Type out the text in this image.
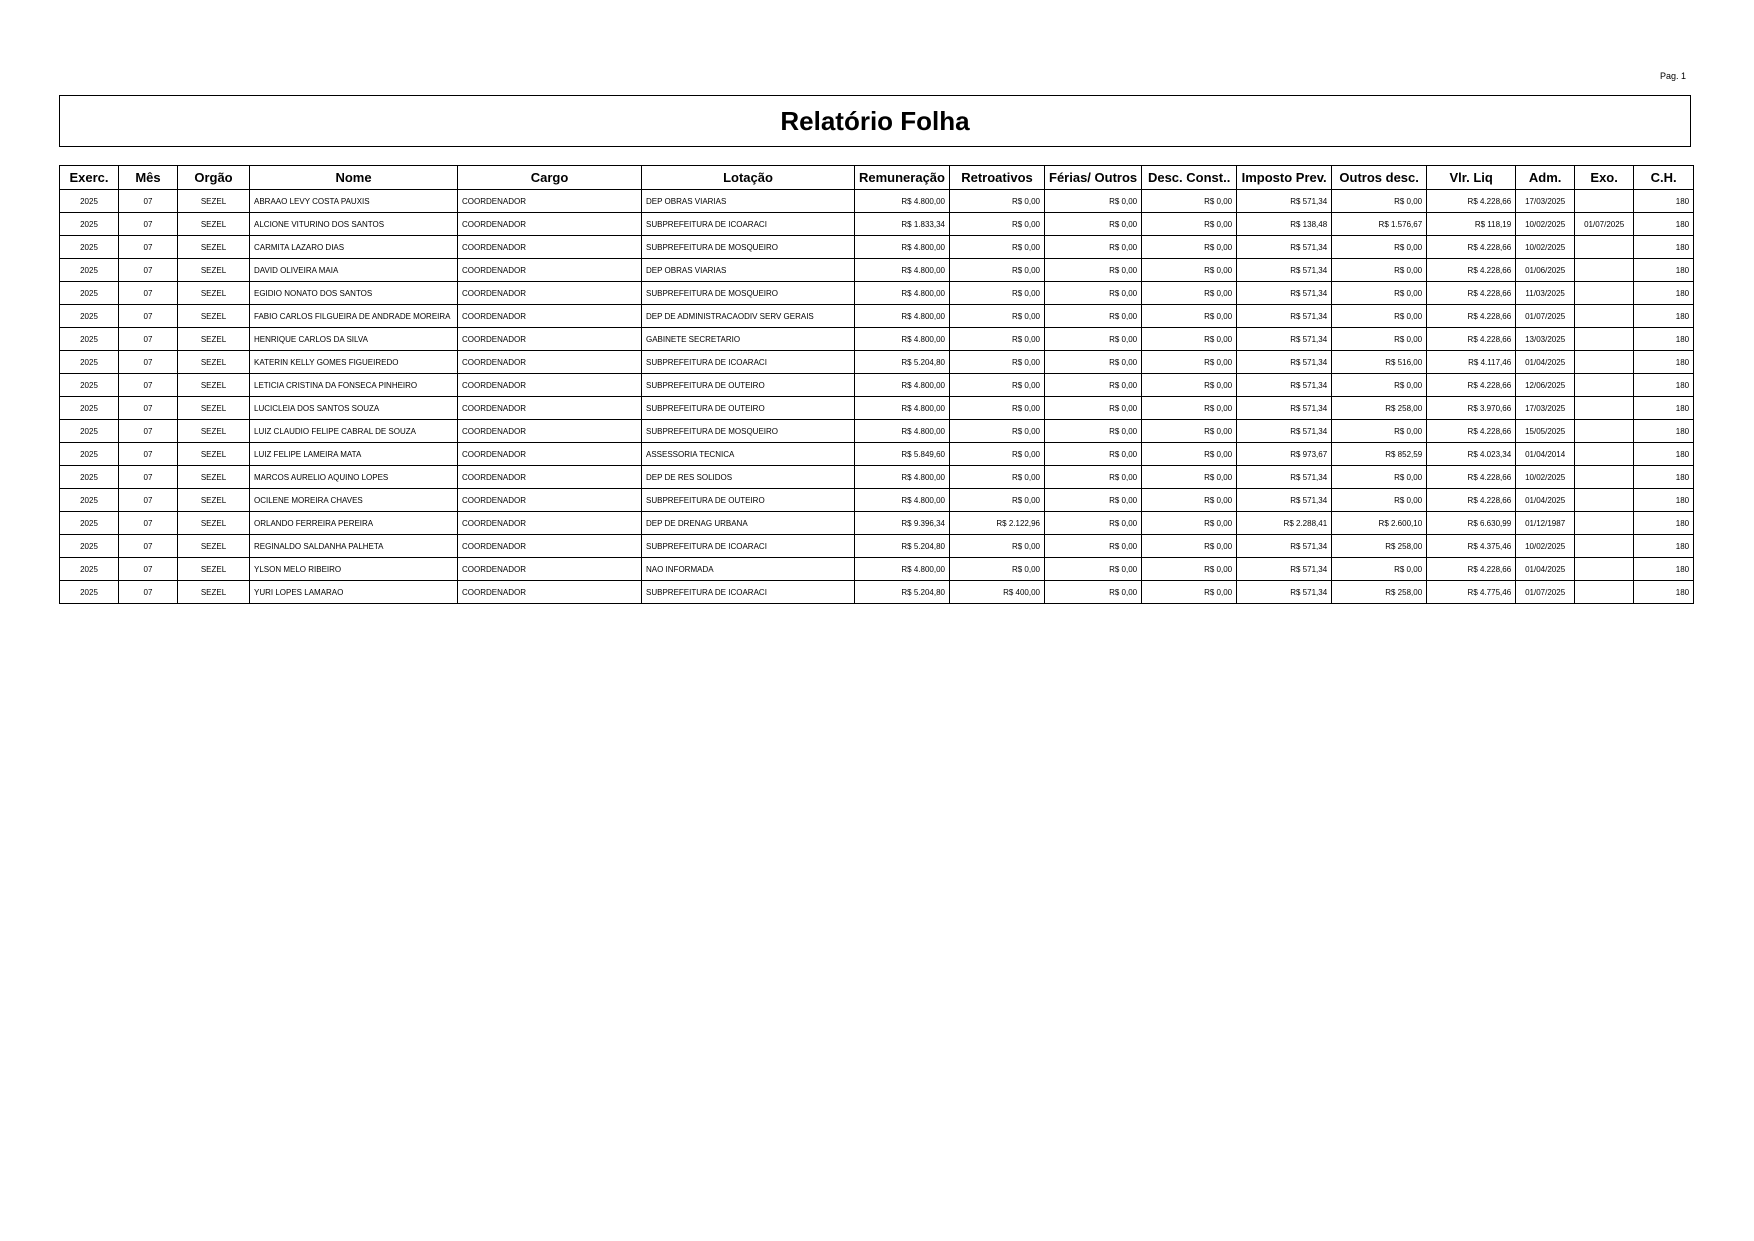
Pag. 1
Relatório Folha
Exerc.	Mês	Orgão	Nome	Cargo	Lotação	Remuneração	Retroativos	Férias/ Outros	Desc. Const..	Imposto Prev.	Outros desc.	Vlr. Liq	Adm.	Exo.	C.H.
2025	07	SEZEL	ABRAAO LEVY COSTA PAUXIS	COORDENADOR	DEP OBRAS VIARIAS	R$ 4.800,00	R$ 0,00	R$ 0,00	R$ 0,00	R$ 571,34	R$ 0,00	R$ 4.228,66	17/03/2025		180
2025	07	SEZEL	ALCIONE VITURINO DOS SANTOS	COORDENADOR	SUBPREFEITURA DE ICOARACI	R$ 1.833,34	R$ 0,00	R$ 0,00	R$ 0,00	R$ 138,48	R$ 1.576,67	R$ 118,19	10/02/2025	01/07/2025	180
2025	07	SEZEL	CARMITA LAZARO DIAS	COORDENADOR	SUBPREFEITURA DE MOSQUEIRO	R$ 4.800,00	R$ 0,00	R$ 0,00	R$ 0,00	R$ 571,34	R$ 0,00	R$ 4.228,66	10/02/2025		180
2025	07	SEZEL	DAVID OLIVEIRA MAIA	COORDENADOR	DEP OBRAS VIARIAS	R$ 4.800,00	R$ 0,00	R$ 0,00	R$ 0,00	R$ 571,34	R$ 0,00	R$ 4.228,66	01/06/2025		180
2025	07	SEZEL	EGIDIO NONATO DOS SANTOS	COORDENADOR	SUBPREFEITURA DE MOSQUEIRO	R$ 4.800,00	R$ 0,00	R$ 0,00	R$ 0,00	R$ 571,34	R$ 0,00	R$ 4.228,66	11/03/2025		180
2025	07	SEZEL	FABIO CARLOS FILGUEIRA DE ANDRADE MOREIRA	COORDENADOR	DEP DE ADMINISTRACAODIV SERV GERAIS	R$ 4.800,00	R$ 0,00	R$ 0,00	R$ 0,00	R$ 571,34	R$ 0,00	R$ 4.228,66	01/07/2025		180
2025	07	SEZEL	HENRIQUE CARLOS DA SILVA	COORDENADOR	GABINETE SECRETARIO	R$ 4.800,00	R$ 0,00	R$ 0,00	R$ 0,00	R$ 571,34	R$ 0,00	R$ 4.228,66	13/03/2025		180
2025	07	SEZEL	KATERIN KELLY GOMES FIGUEIREDO	COORDENADOR	SUBPREFEITURA DE ICOARACI	R$ 5.204,80	R$ 0,00	R$ 0,00	R$ 0,00	R$ 571,34	R$ 516,00	R$ 4.117,46	01/04/2025		180
2025	07	SEZEL	LETICIA CRISTINA DA FONSECA PINHEIRO	COORDENADOR	SUBPREFEITURA DE OUTEIRO	R$ 4.800,00	R$ 0,00	R$ 0,00	R$ 0,00	R$ 571,34	R$ 0,00	R$ 4.228,66	12/06/2025		180
2025	07	SEZEL	LUCICLEIA DOS SANTOS SOUZA	COORDENADOR	SUBPREFEITURA DE OUTEIRO	R$ 4.800,00	R$ 0,00	R$ 0,00	R$ 0,00	R$ 571,34	R$ 258,00	R$ 3.970,66	17/03/2025		180
2025	07	SEZEL	LUIZ CLAUDIO FELIPE CABRAL DE SOUZA	COORDENADOR	SUBPREFEITURA DE MOSQUEIRO	R$ 4.800,00	R$ 0,00	R$ 0,00	R$ 0,00	R$ 571,34	R$ 0,00	R$ 4.228,66	15/05/2025		180
2025	07	SEZEL	LUIZ FELIPE LAMEIRA MATA	COORDENADOR	ASSESSORIA TECNICA	R$ 5.849,60	R$ 0,00	R$ 0,00	R$ 0,00	R$ 973,67	R$ 852,59	R$ 4.023,34	01/04/2014		180
2025	07	SEZEL	MARCOS AURELIO AQUINO LOPES	COORDENADOR	DEP DE RES SOLIDOS	R$ 4.800,00	R$ 0,00	R$ 0,00	R$ 0,00	R$ 571,34	R$ 0,00	R$ 4.228,66	10/02/2025		180
2025	07	SEZEL	OCILENE MOREIRA CHAVES	COORDENADOR	SUBPREFEITURA DE OUTEIRO	R$ 4.800,00	R$ 0,00	R$ 0,00	R$ 0,00	R$ 571,34	R$ 0,00	R$ 4.228,66	01/04/2025		180
2025	07	SEZEL	ORLANDO FERREIRA PEREIRA	COORDENADOR	DEP DE DRENAG URBANA	R$ 9.396,34	R$ 2.122,96	R$ 0,00	R$ 0,00	R$ 2.288,41	R$ 2.600,10	R$ 6.630,99	01/12/1987		180
2025	07	SEZEL	REGINALDO SALDANHA PALHETA	COORDENADOR	SUBPREFEITURA DE ICOARACI	R$ 5.204,80	R$ 0,00	R$ 0,00	R$ 0,00	R$ 571,34	R$ 258,00	R$ 4.375,46	10/02/2025		180
2025	07	SEZEL	YLSON MELO RIBEIRO	COORDENADOR	NAO INFORMADA	R$ 4.800,00	R$ 0,00	R$ 0,00	R$ 0,00	R$ 571,34	R$ 0,00	R$ 4.228,66	01/04/2025		180
2025	07	SEZEL	YURI LOPES LAMARAO	COORDENADOR	SUBPREFEITURA DE ICOARACI	R$ 5.204,80	R$ 400,00	R$ 0,00	R$ 0,00	R$ 571,34	R$ 258,00	R$ 4.775,46	01/07/2025		180
